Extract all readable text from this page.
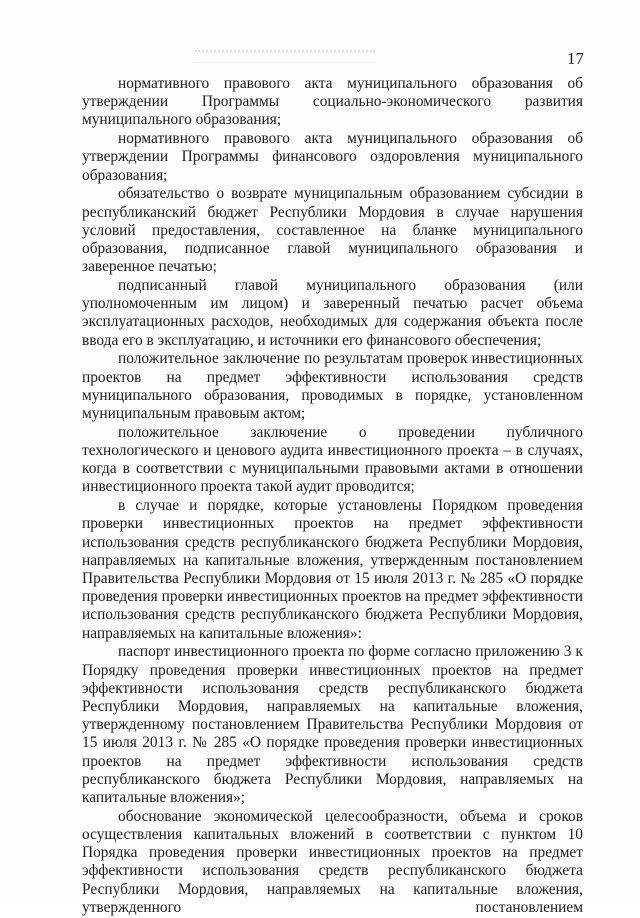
17

нормативного правового акта муниципального образования об утверждении Программы социально-экономического развития муниципального образования;

нормативного правового акта муниципального образования об утверждении Программы финансового оздоровления муниципального образования;

обязательство о возврате муниципальным образованием субсидии в республиканский бюджет Республики Мордовия в случае нарушения условий предоставления, составленное на бланке муниципального образования, подписанное главой муниципального образования и заверенное печатью;

подписанный главой муниципального образования (или уполномоченным им лицом) и заверенный печатью расчет объема эксплуатационных расходов, необходимых для содержания объекта после ввода его в эксплуатацию, и источники его финансового обеспечения;

положительное заключение по результатам проверок инвестиционных проектов на предмет эффективности использования средств муниципального образования, проводимых в порядке, установленном муниципальным правовым актом;

положительное заключение о проведении публичного технологического и ценового аудита инвестиционного проекта – в случаях, когда в соответствии с муниципальными правовыми актами в отношении инвестиционного проекта такой аудит проводится;

в случае и порядке, которые установлены Порядком проведения проверки инвестиционных проектов на предмет эффективности использования средств республиканского бюджета Республики Мордовия, направляемых на капитальные вложения, утвержденным постановлением Правительства Республики Мордовия от 15 июля 2013 г. № 285 «О порядке проведения проверки инвестиционных проектов на предмет эффективности использования средств республиканского бюджета Республики Мордовия, направляемых на капитальные вложения»:

паспорт инвестиционного проекта по форме согласно приложению 3 к Порядку проведения проверки инвестиционных проектов на предмет эффективности использования средств республиканского бюджета Республики Мордовия, направляемых на капитальные вложения, утвержденному постановлением Правительства Республики Мордовия от 15 июля 2013 г. № 285 «О порядке проведения проверки инвестиционных проектов на предмет эффективности использования средств республиканского бюджета Республики Мордовия, направляемых на капитальные вложения»;

обоснование экономической целесообразности, объема и сроков осуществления капитальных вложений в соответствии с пунктом 10 Порядка проведения проверки инвестиционных проектов на предмет эффективности использования средств республиканского бюджета Республики Мордовия, направляемых на капитальные вложения, утвержденного постановлением
